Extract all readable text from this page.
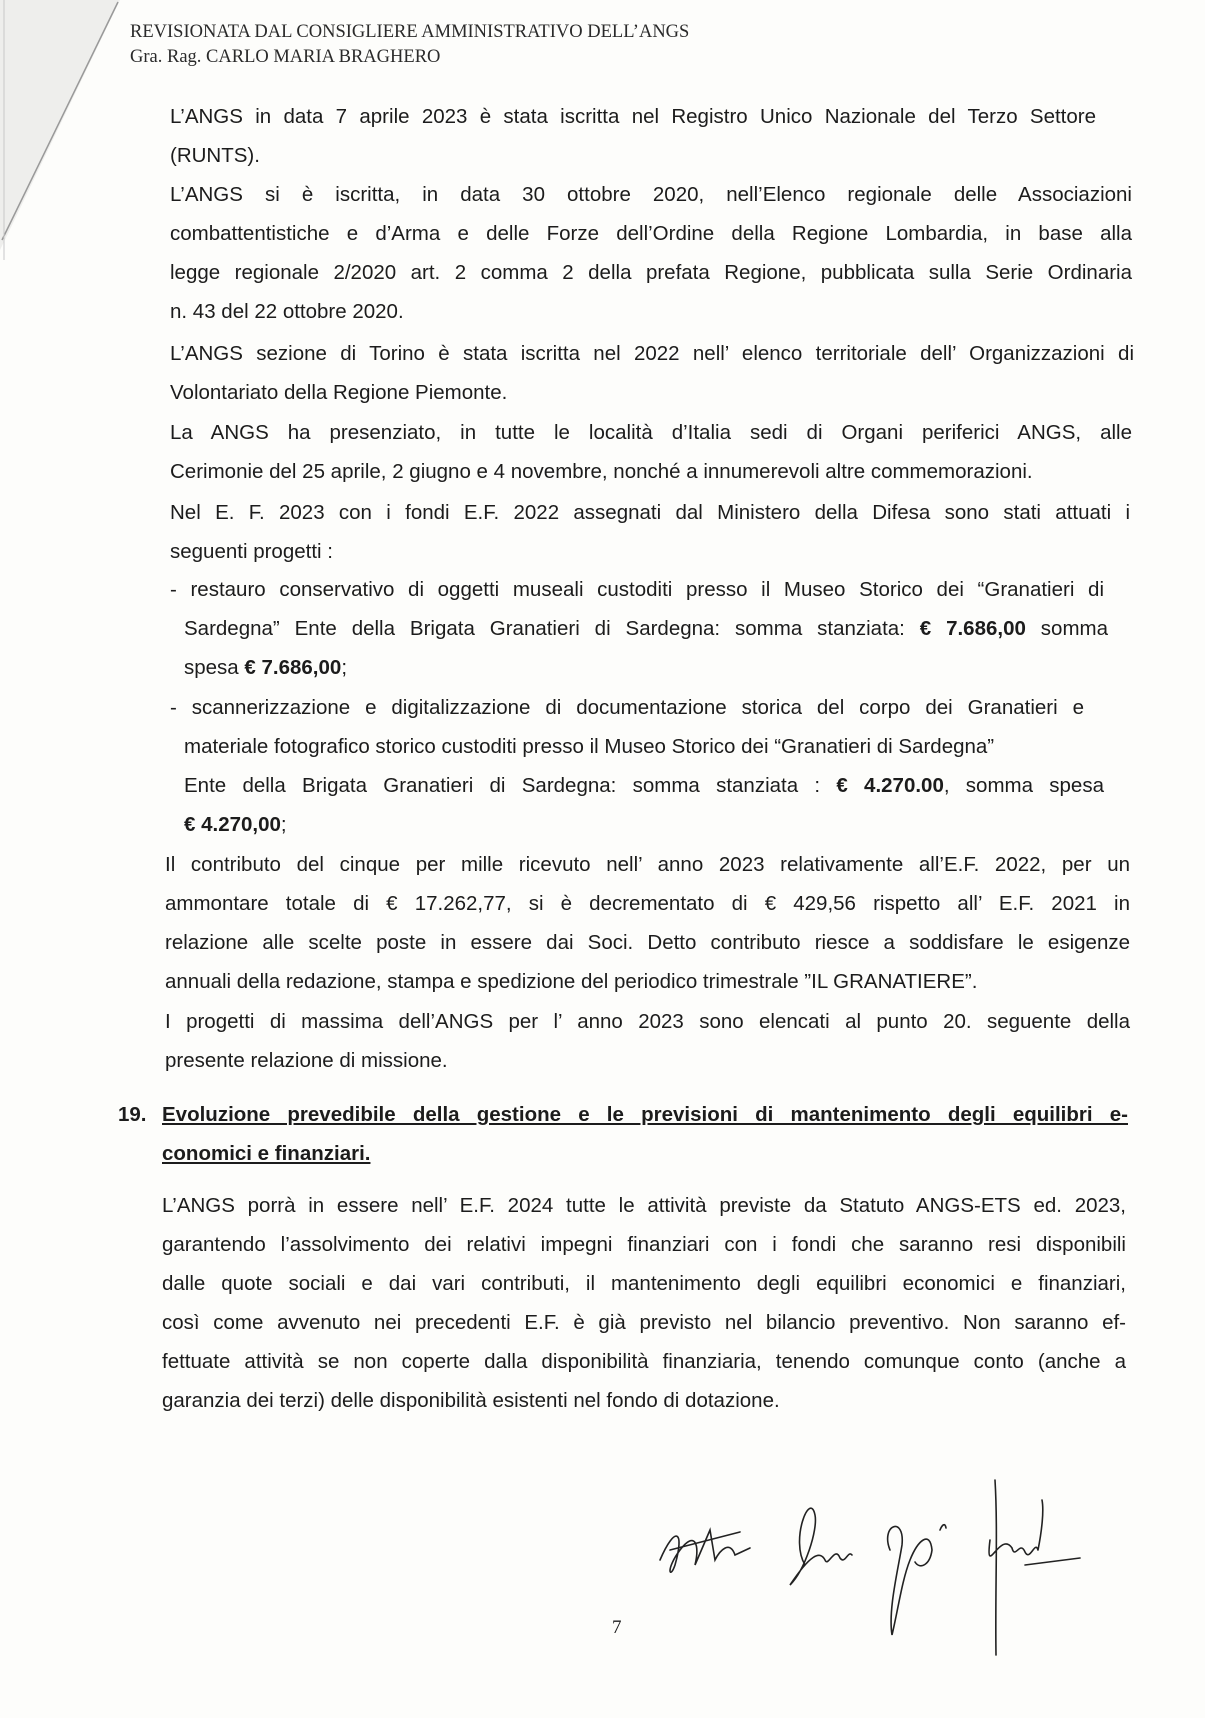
REVISIONATA DAL CONSIGLIERE AMMINISTRATIVO DELL’ANGS
Gra. Rag. CARLO MARIA BRAGHERO
L’ANGS in data 7 aprile 2023 è stata iscritta nel Registro Unico Nazionale del Terzo Settore
(RUNTS).
L’ANGS si è iscritta, in data 30 ottobre 2020, nell’Elenco regionale delle Associazioni
combattentistiche e d’Arma e delle Forze dell’Ordine della Regione Lombardia, in base alla
legge regionale 2/2020 art. 2 comma 2 della prefata Regione, pubblicata sulla Serie Ordinaria
n. 43 del 22 ottobre 2020.
L’ANGS sezione di Torino è stata iscritta nel 2022 nell’ elenco territoriale dell’ Organizzazioni di
Volontariato della Regione Piemonte.
La ANGS ha presenziato, in tutte le località d’Italia sedi di Organi periferici ANGS, alle
Cerimonie del 25 aprile, 2 giugno e 4 novembre, nonché a innumerevoli altre commemorazioni.
Nel E. F. 2023 con i fondi E.F. 2022 assegnati dal Ministero della Difesa sono stati attuati i
seguenti progetti :
- restauro conservativo di oggetti museali custoditi presso il Museo Storico dei “Granatieri di
Sardegna” Ente della Brigata Granatieri di Sardegna: somma stanziata: € 7.686,00 somma
spesa € 7.686,00;
- scannerizzazione e digitalizzazione di documentazione storica del corpo dei Granatieri e
materiale fotografico storico custoditi presso il Museo Storico dei “Granatieri di Sardegna”
Ente della Brigata Granatieri di Sardegna: somma stanziata : € 4.270.00, somma spesa
€ 4.270,00;
Il contributo del cinque per mille ricevuto nell’ anno 2023 relativamente all’E.F. 2022, per un
ammontare totale di € 17.262,77, si è decrementato di € 429,56 rispetto all’ E.F. 2021 in
relazione alle scelte poste in essere dai Soci. Detto contributo riesce a soddisfare le esigenze
annuali della redazione, stampa e spedizione del periodico trimestrale ”IL GRANATIERE”.
I progetti di massima dell’ANGS per l’ anno 2023 sono elencati al punto 20. seguente della
presente relazione di missione.
19. Evoluzione prevedibile della gestione e le previsioni di mantenimento degli equilibri e-
conomici e finanziari.
L’ANGS porrà in essere nell’ E.F. 2024 tutte le attività previste da Statuto ANGS-ETS ed. 2023,
garantendo l’assolvimento dei relativi impegni finanziari con i fondi che saranno resi disponibili
dalle quote sociali e dai vari contributi, il mantenimento degli equilibri economici e finanziari,
così come avvenuto nei precedenti E.F. è già previsto nel bilancio preventivo. Non saranno ef-
fettuate attività se non coperte dalla disponibilità finanziaria, tenendo comunque conto (anche a
garanzia dei terzi) delle disponibilità esistenti nel fondo di dotazione.
7
